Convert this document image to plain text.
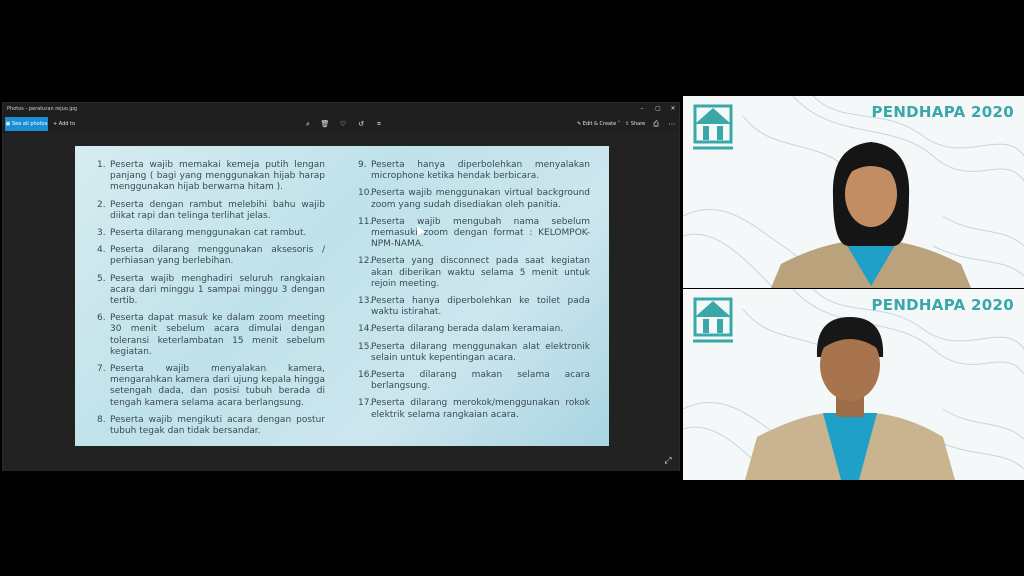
Photos - peraturan rejuo.jpg	–	▢	✕
▣ See all photos + Add to	⌕	🗑︎ ♡ ↺	⌗	✎ Edit & Create ˅ ⇪ Share	⎙	⋯
1. Peserta wajib memakai kemeja putih lengan panjang ( bagi yang menggunakan hijab harap menggunakan hijab berwarna hitam ).
2. Peserta dengan rambut melebihi bahu wajib diikat rapi dan telinga terlihat jelas.
3. Peserta dilarang menggunakan cat rambut.
4. Peserta dilarang menggunakan aksesoris / perhiasan yang berlebihan.
5. Peserta wajib menghadiri seluruh rangkaian acara dari minggu 1 sampai minggu 3 dengan tertib.
6. Peserta dapat masuk ke dalam zoom meeting 30 menit sebelum acara dimulai dengan toleransi keterlambatan 15 menit sebelum kegiatan.
7. Peserta wajib menyalakan kamera, mengarahkan kamera dari ujung kepala hingga setengah dada, dan posisi tubuh berada di tengah kamera selama acara berlangsung.
8. Peserta wajib mengikuti acara dengan postur tubuh tegak dan tidak bersandar.
9. Peserta hanya diperbolehkan menyalakan microphone ketika hendak berbicara.
10.
Peserta wajib menggunakan virtual background zoom yang sudah disediakan oleh panitia.
11.
Peserta wajib mengubah nama sebelum memasuki zoom dengan format : KELOMPOK-NPM-NAMA.
12.
Peserta yang disconnect pada saat kegiatan akan diberikan waktu selama 5 menit untuk rejoin meeting.
13.
Peserta hanya diperbolehkan ke toilet pada waktu istirahat.
14.
Peserta dilarang berada dalam keramaian.
15.
Peserta dilarang menggunakan alat elektronik selain untuk kepentingan acara.
16.
Peserta dilarang makan selama acara berlangsung.
17.
Peserta dilarang merokok/menggunakan rokok elektrik selama rangkaian acara.
⤢
PENDHAPA 2020
PENDHAPA 2020
